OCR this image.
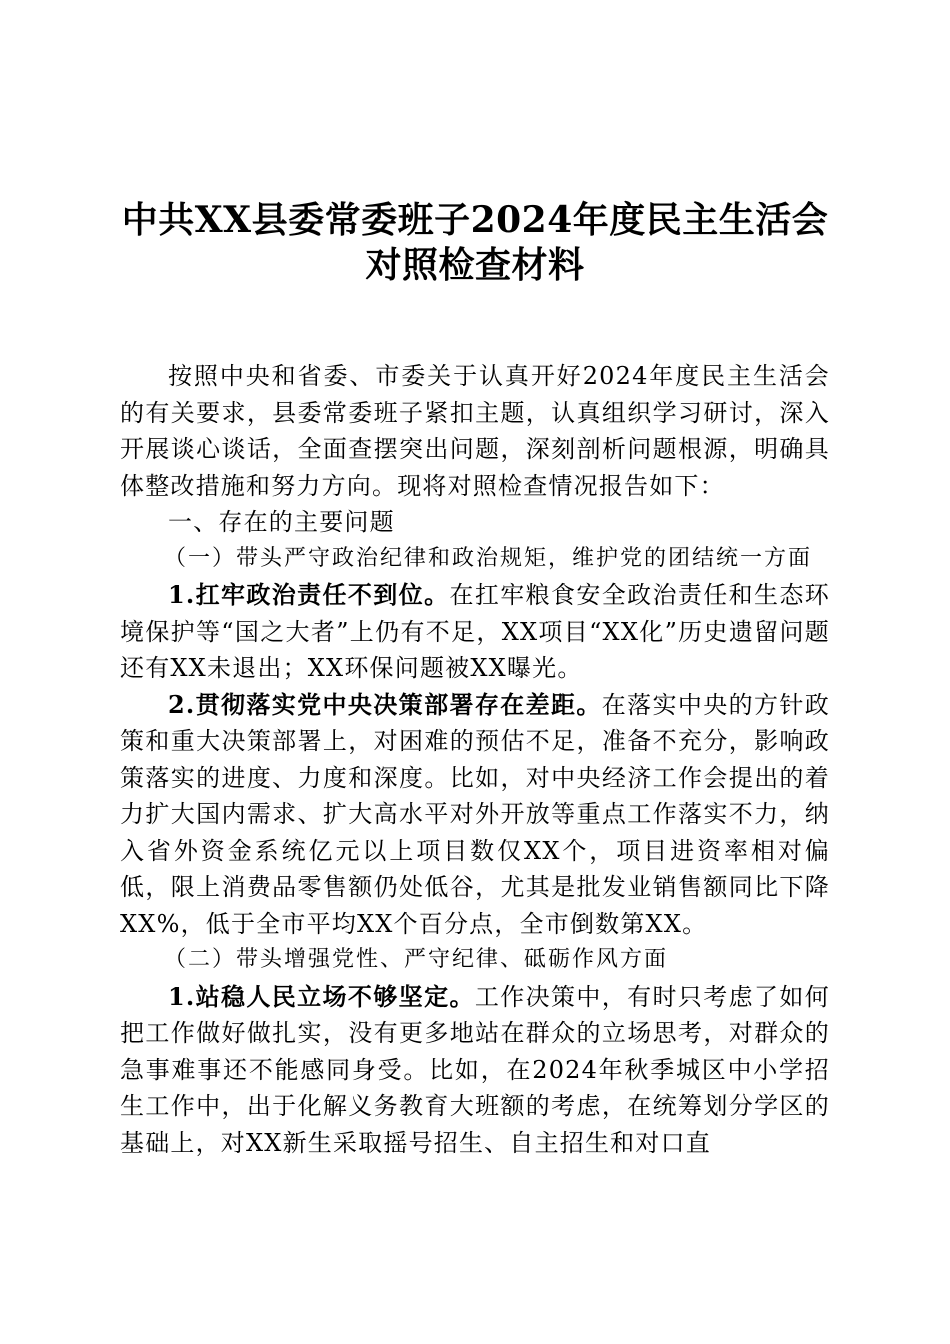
中共XX县委常委班子2024年度民主生活会
对照检查材料

按照中央和省委、市委关于认真开好2024年度民主生活会的有关要求，县委常委班子紧扣主题，认真组织学习研讨，深入开展谈心谈话，全面查摆突出问题，深刻剖析问题根源，明确具体整改措施和努力方向。现将对照检查情况报告如下：

一、存在的主要问题

（一）带头严守政治纪律和政治规矩，维护党的团结统一方面

1.扛牢政治责任不到位。在扛牢粮食安全政治责任和生态环境保护等“国之大者”上仍有不足，XX项目“XX化”历史遗留问题还有XX未退出；XX环保问题被XX曝光。

2.贯彻落实党中央决策部署存在差距。在落实中央的方针政策和重大决策部署上，对困难的预估不足，准备不充分，影响政策落实的进度、力度和深度。比如，对中央经济工作会提出的着力扩大国内需求、扩大高水平对外开放等重点工作落实不力，纳入省外资金系统亿元以上项目数仅XX个，项目进资率相对偏低，限上消费品零售额仍处低谷，尤其是批发业销售额同比下降XX%，低于全市平均XX个百分点，全市倒数第XX。

（二）带头增强党性、严守纪律、砥砺作风方面

1.站稳人民立场不够坚定。工作决策中，有时只考虑了如何把工作做好做扎实，没有更多地站在群众的立场思考，对群众的急事难事还不能感同身受。比如，在2024年秋季城区中小学招生工作中，出于化解义务教育大班额的考虑，在统筹划分学区的基础上，对XX新生采取摇号招生、自主招生和对口直
